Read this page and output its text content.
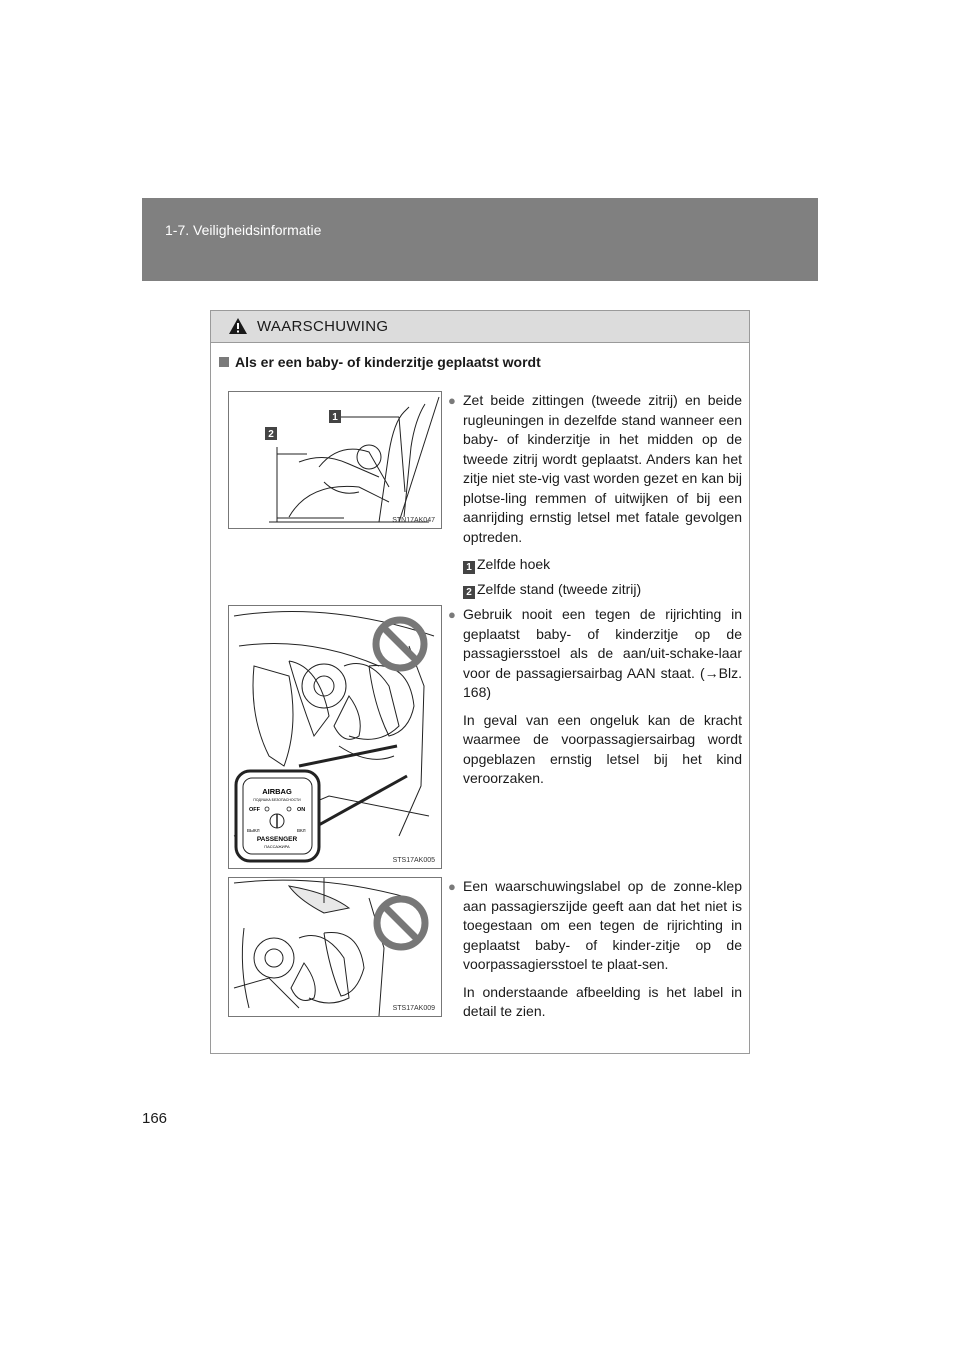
1-7. Veiligheidsinformatie
WAARSCHUWING
Als er een baby- of kinderzitje geplaatst wordt
1
2
STN17AK047
● Zet beide zittingen (tweede zitrij) en beide rugleuningen in dezelfde stand wanneer een baby- of kinderzitje in het midden op de tweede zitrij wordt geplaatst. Anders kan het zitje niet ste-vig vast worden gezet en kan bij plotse-ling remmen of uitwijken of bij een aanrijding ernstig letsel met fatale gevolgen optreden.

1 Zelfde hoek
2 Zelfde stand (tweede zitrij)
AIRBAG
ПОДУШКА БЕЗОПАСНОСТИ
OFF	ON
ВЫКЛ	ВКЛ
PASSENGER
ПАССАЖИРА
STS17AK005
● Gebruik nooit een tegen de rijrichting in geplaatst baby- of kinderzitje op de passagiersstoel als de aan/uit-schake-laar voor de passagiersairbag AAN staat. (→Blz. 168)

In geval van een ongeluk kan de kracht waarmee de voorpassagiersairbag wordt opgeblazen ernstig letsel bij het kind veroorzaken.

STS17AK009
● Een waarschuwingslabel op de zonne-klep aan passagierszijde geeft aan dat het niet is toegestaan om een tegen de rijrichting in geplaatst baby- of kinder-zitje op de voorpassagiersstoel te plaat-sen.

In onderstaande afbeelding is het label in detail te zien.

166
